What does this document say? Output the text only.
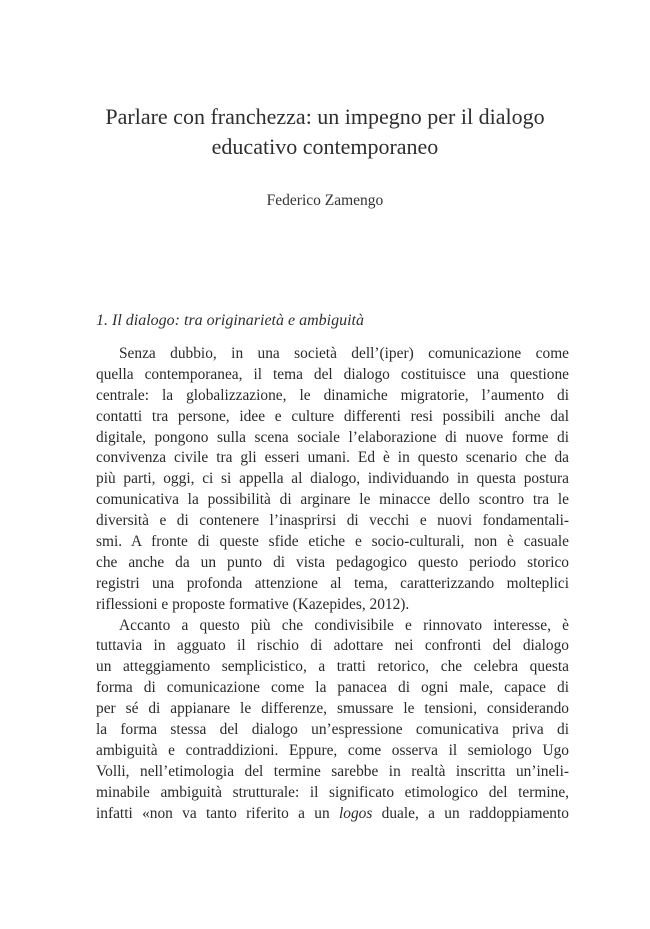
Parlare con franchezza: un impegno per il dialogo
educativo contemporaneo
Federico Zamengo
1. Il dialogo: tra originarietà e ambiguità
Senza dubbio, in una società dell’(iper) comunicazione come
quella contemporanea, il tema del dialogo costituisce una questione
centrale: la globalizzazione, le dinamiche migratorie, l’aumento di
contatti tra persone, idee e culture differenti resi possibili anche dal
digitale, pongono sulla scena sociale l’elaborazione di nuove forme di
convivenza civile tra gli esseri umani. Ed è in questo scenario che da
più parti, oggi, ci si appella al dialogo, individuando in questa postura
comunicativa la possibilità di arginare le minacce dello scontro tra le
diversità e di contenere l’inasprirsi di vecchi e nuovi fondamentali-
smi. A fronte di queste sfide etiche e socio-culturali, non è casuale
che anche da un punto di vista pedagogico questo periodo storico
registri una profonda attenzione al tema, caratterizzando molteplici
riflessioni e proposte formative (Kazepides, 2012).
Accanto a questo più che condivisibile e rinnovato interesse, è
tuttavia in agguato il rischio di adottare nei confronti del dialogo
un atteggiamento semplicistico, a tratti retorico, che celebra questa
forma di comunicazione come la panacea di ogni male, capace di
per sé di appianare le differenze, smussare le tensioni, considerando
la forma stessa del dialogo un’espressione comunicativa priva di
ambiguità e contraddizioni. Eppure, come osserva il semiologo Ugo
Volli, nell’etimologia del termine sarebbe in realtà inscritta un’ineli-
minabile ambiguità strutturale: il significato etimologico del termine,
infatti «non va tanto riferito a un logos duale, a un raddoppiamento
